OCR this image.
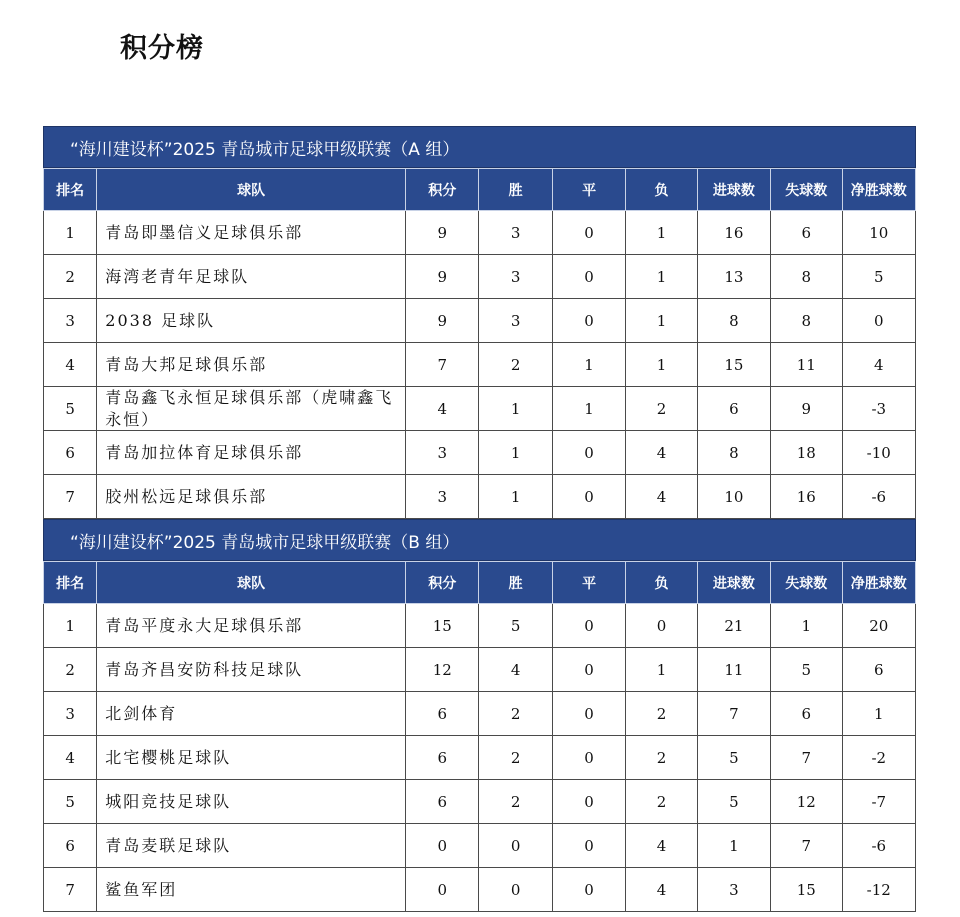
积分榜
“海川建设杯”2025 青岛城市足球甲级联赛（A 组）
排名	球队	积分	胜	平	负	进球数	失球数	净胜球数
1	青岛即墨信义足球俱乐部	9	3	0	1	16	6	10
2	海湾老青年足球队	9	3	0	1	13	8	5
3	2038 足球队	9	3	0	1	8	8	0
4	青岛大邦足球俱乐部	7	2	1	1	15	11	4
5	青岛鑫飞永恒足球俱乐部（虎啸鑫飞永恒）	4	1	1	2	6	9	-3
6	青岛加拉体育足球俱乐部	3	1	0	4	8	18	-10
7	胶州松远足球俱乐部	3	1	0	4	10	16	-6
“海川建设杯”2025 青岛城市足球甲级联赛（B 组）
排名	球队	积分	胜	平	负	进球数	失球数	净胜球数
1	青岛平度永大足球俱乐部	15	5	0	0	21	1	20
2	青岛齐昌安防科技足球队	12	4	0	1	11	5	6
3	北剑体育	6	2	0	2	7	6	1
4	北宅樱桃足球队	6	2	0	2	5	7	-2
5	城阳竞技足球队	6	2	0	2	5	12	-7
6	青岛麦联足球队	0	0	0	4	1	7	-6
7	鲨鱼军团	0	0	0	4	3	15	-12
